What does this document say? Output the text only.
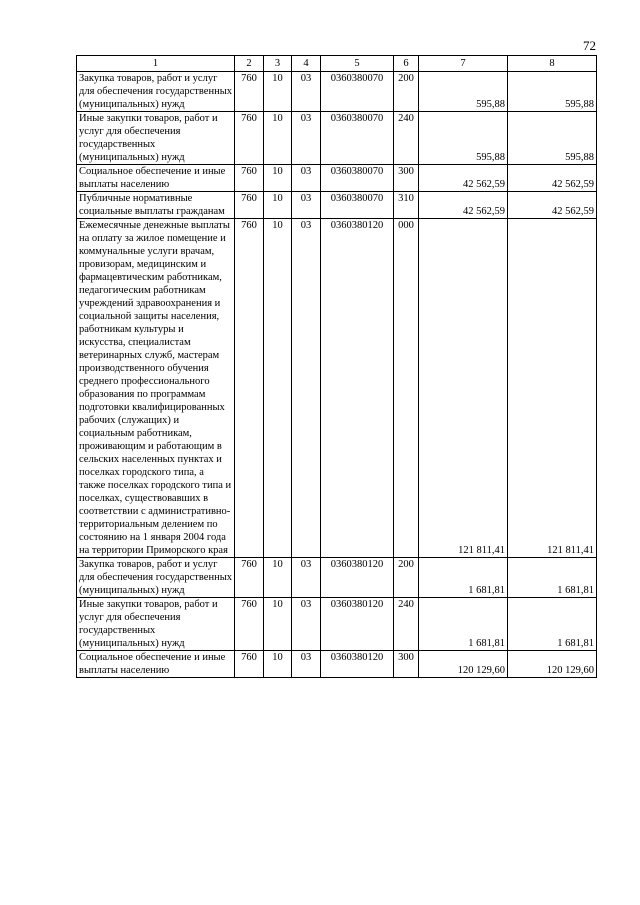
72
1	2	3	4	5	6	7	8
Закупка товаров, работ и услуг для обеспечения государственных (муниципальных) нужд	760	10	03	0360380070	200	595,88	595,88
Иные закупки товаров, работ и услуг для обеспечения государственных (муниципальных) нужд	760	10	03	0360380070	240	595,88	595,88
Социальное обеспечение и иные выплаты населению	760	10	03	0360380070	300	42 562,59	42 562,59
Публичные нормативные социальные выплаты гражданам	760	10	03	0360380070	310	42 562,59	42 562,59
Ежемесячные денежные выплаты на оплату за жилое помещение и коммунальные услуги врачам, провизорам, медицинским и фармацевтическим работникам, педагогическим работникам учреждений здравоохранения и социальной защиты населения, работникам культуры и искусства, специалистам ветеринарных служб, мастерам производственного обучения среднего профессионального образования по программам подготовки квалифицированных рабочих (служащих) и социальным работникам, проживающим и работающим в сельских населенных пунктах и поселках городского типа, а также поселках городского типа и поселках, существовавших в соответствии с административно-территориальным делением по состоянию на 1 января 2004 года на территории Приморского края	760	10	03	0360380120	000	121 811,41	121 811,41
Закупка товаров, работ и услуг для обеспечения государственных (муниципальных) нужд	760	10	03	0360380120	200	1 681,81	1 681,81
Иные закупки товаров, работ и услуг для обеспечения государственных (муниципальных) нужд	760	10	03	0360380120	240	1 681,81	1 681,81
Социальное обеспечение и иные выплаты населению	760	10	03	0360380120	300	120 129,60	120 129,60
